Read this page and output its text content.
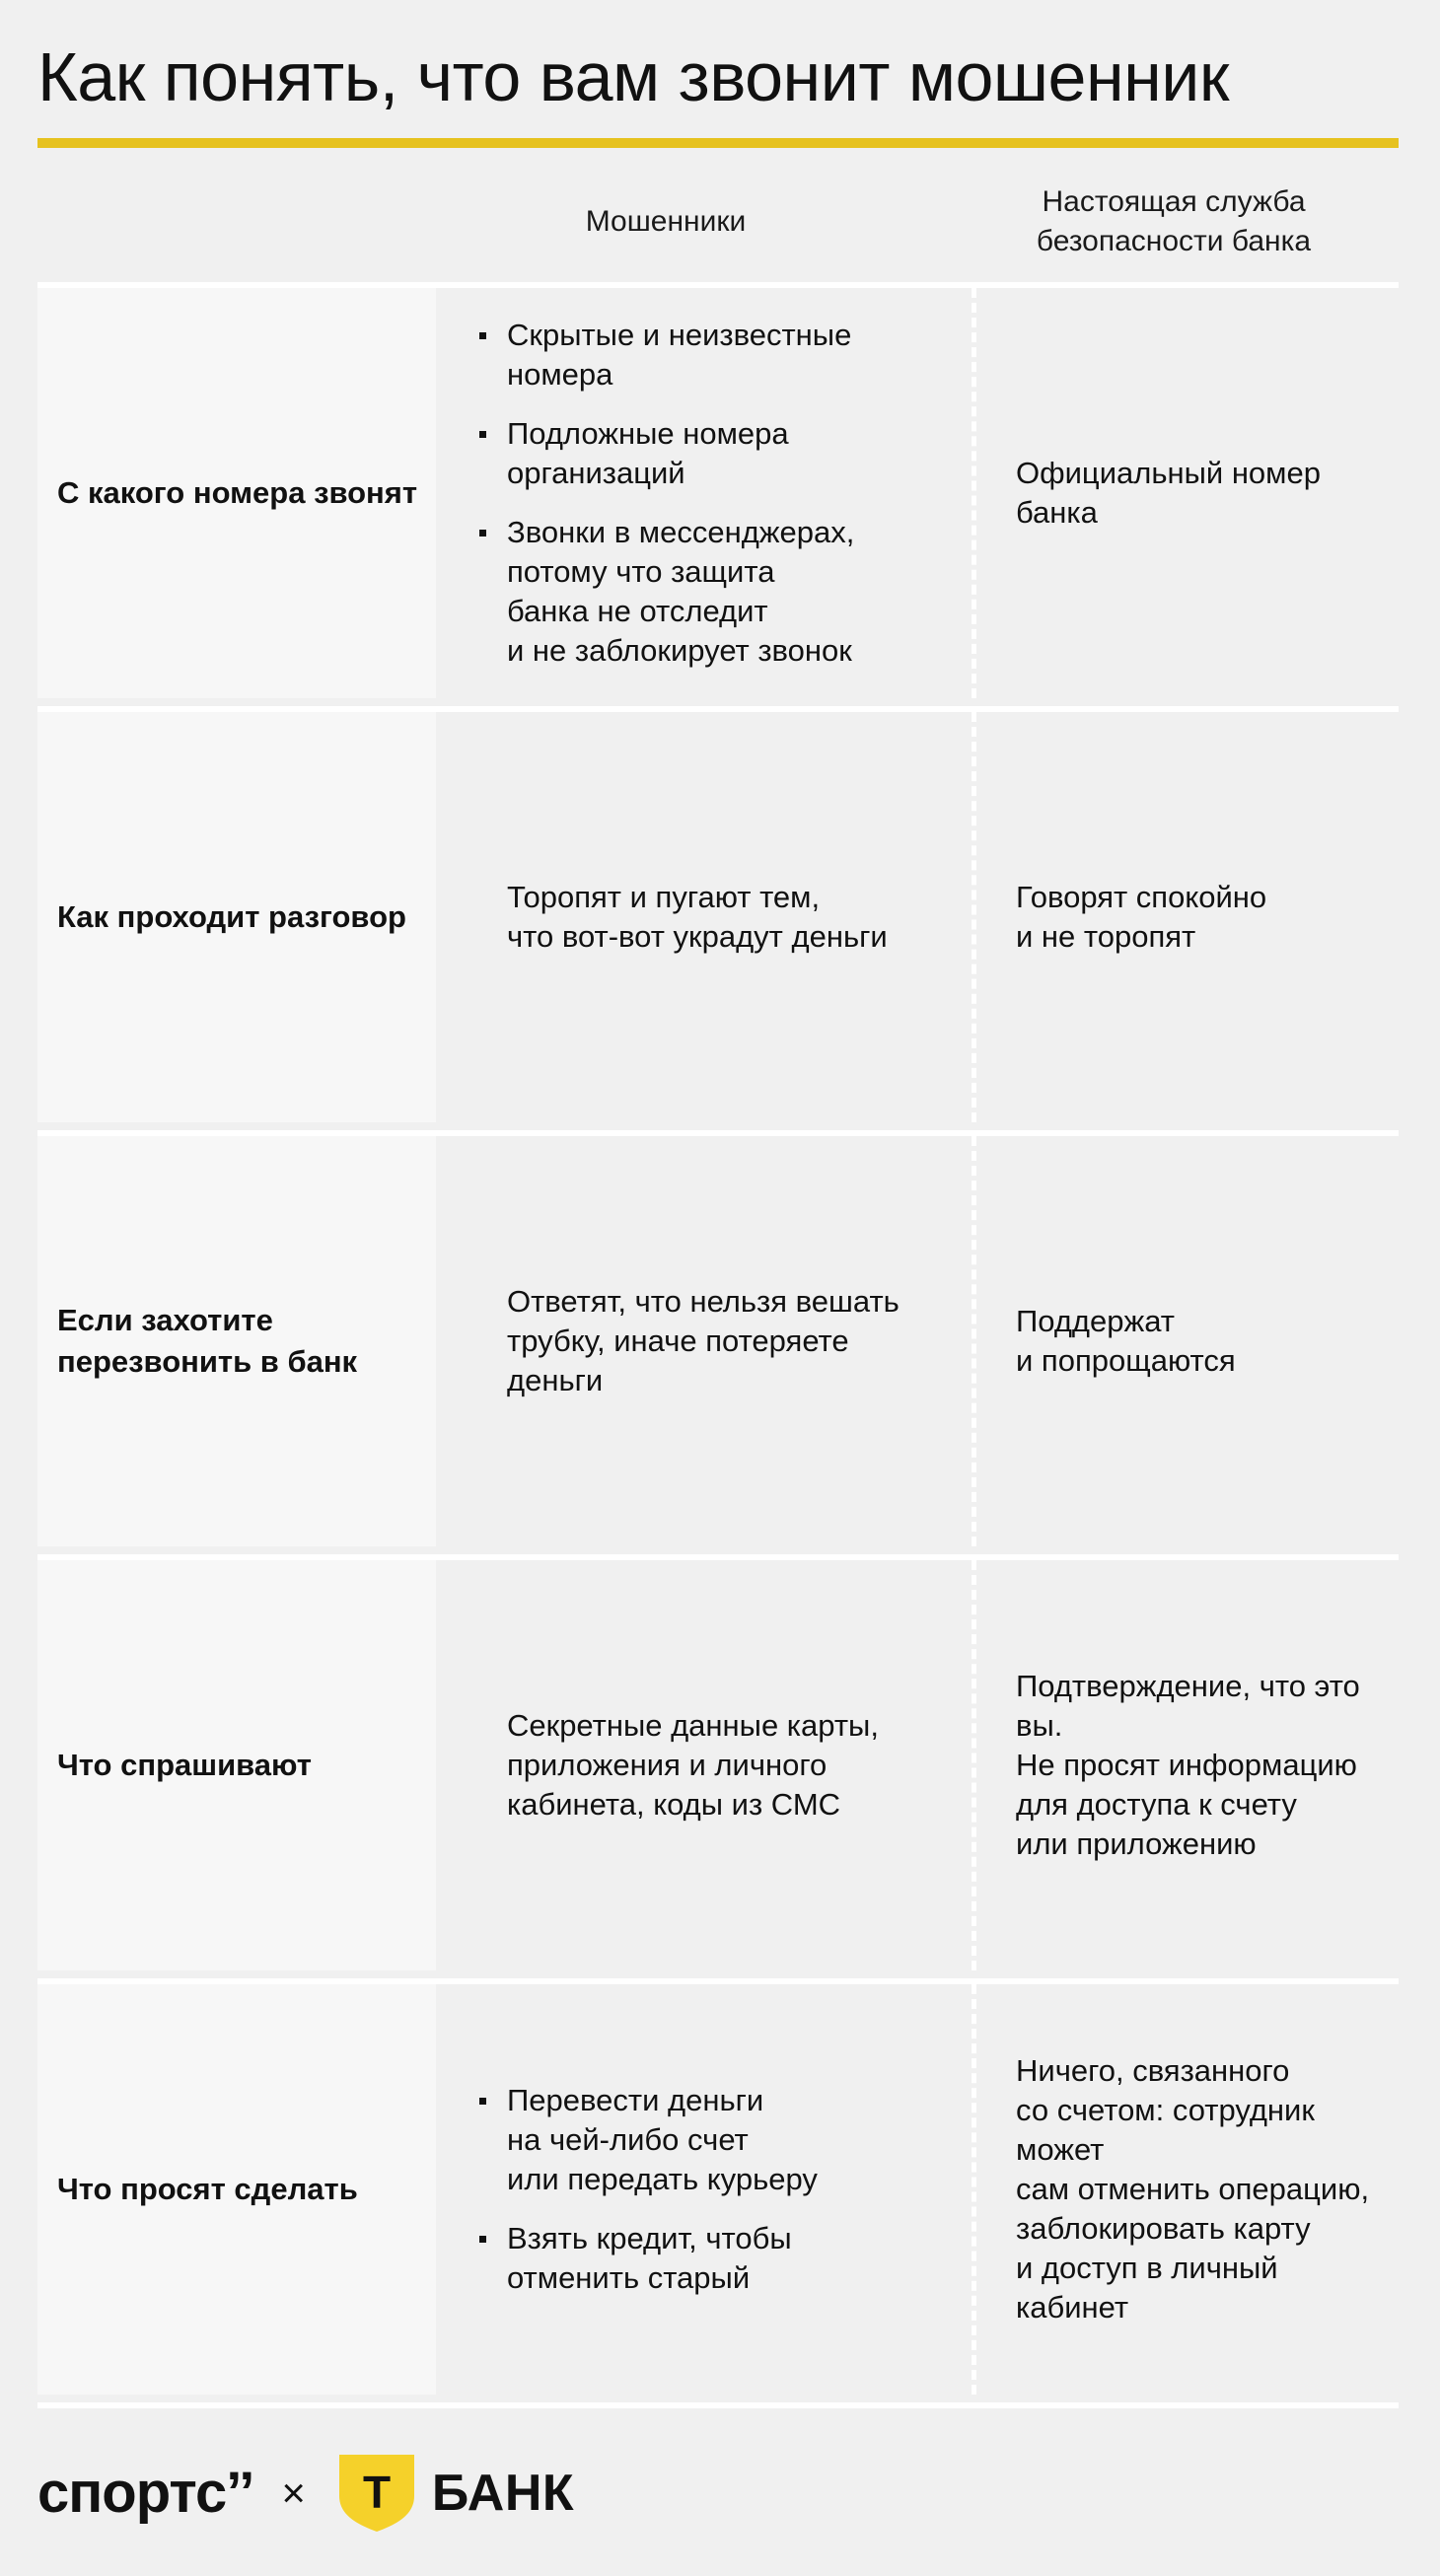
Как понять, что вам звонит мошенник
Мошенники
Настоящая служба
безопасности банка
С какого номера звонят
Скрытые и неизвестные
номера
Подложные номера
организаций
Звонки в мессенджерах,
потому что защита
банка не отследит
и не заблокирует звонок
Официальный номер
банка
Как проходит разговор
Торопят и пугают тем,
что вот-вот украдут деньги
Говорят спокойно
и не торопят
Если захотите
перезвонить в банк
Ответят, что нельзя вешать
трубку, иначе потеряете
деньги
Поддержат
и попрощаются
Что спрашивают
Секретные данные карты,
приложения и личного
кабинета, коды из СМС
Подтверждение, что это вы.
Не просят информацию
для доступа к счету
или приложению
Что просят сделать
Перевести деньги
на чей-либо счет
или передать курьеру
Взять кредит, чтобы
отменить старый
Ничего, связанного
со счетом: сотрудник может
сам отменить операцию,
заблокировать карту
и доступ в личный кабинет
спортс’’ × Т БАНК
